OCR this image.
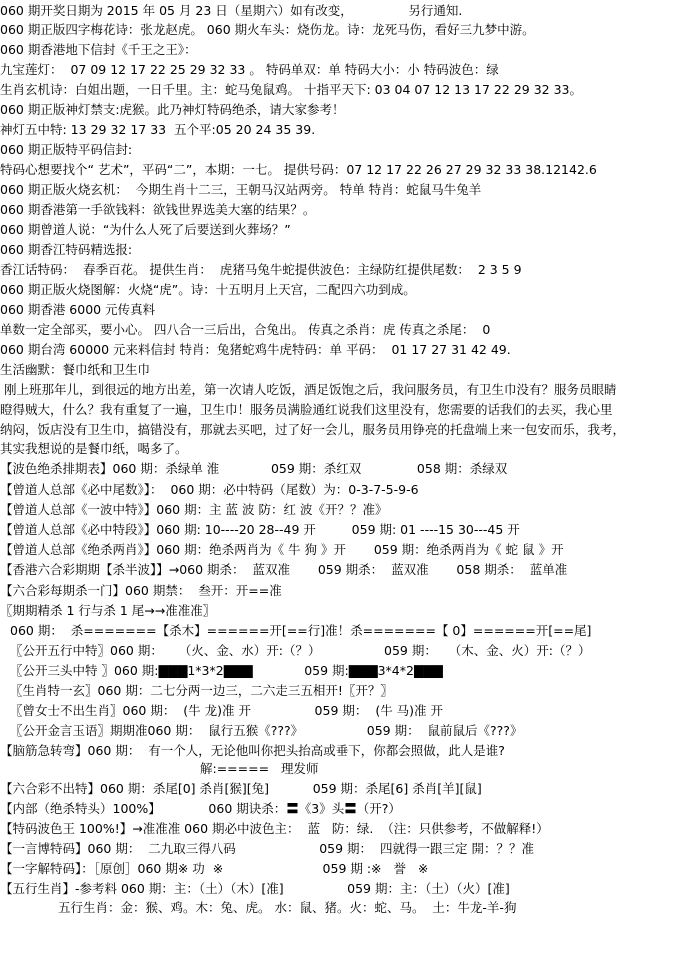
060 期开奖日期为 2015 年 05 月 23 日（星期六）如有改变，              另行通知.
060 期正版四字梅花诗：张龙赵虎。 060 期火车头：烧伤龙。诗：龙死马伤，看好三九梦中游。
060 期香港地下信封《千王之王》：
九宝莲灯：  07 09 12 17 22 25 29 32 33 。 特码单双：单 特码大小：小 特码波色：绿
生肖玄机诗：白姐出题，一日千里。主：蛇马兔鼠鸡。 十指平天下: 03 04 07 12 13 17 22 29 32 33。
060 期正版神灯禁支:虎猴。此乃神灯特码绝杀，请大家参考！
神灯五中特: 13 29 32 17 33  五个平:05 20 24 35 39.
060 期正版特平码信封:
特码心想要找个“ 艺术”，平码“二”，本期：一七。 提供号码：07 12 17 22 26 27 29 32 33 38.12142.6
060 期正版火烧玄机：  今期生肖十二三，王朝马汉站两旁。 特单 特肖：蛇鼠马牛兔羊
060 期香港第一手欲钱料：欲钱世界选美大塞的结果？。
060 期曾道人说：“为什么人死了后要送到火葬场？”
060 期香江特码精选报:
香江话特码：  春季百花。 提供生肖：  虎猪马兔牛蛇提供波色：主绿防红提供尾数：  2 3 5 9
060 期正版火烧图解：火烧“虎”。诗：十五明月上天宫，二配四六功到成。
060 期香港 6000 元传真料
单数一定全部买，要小心。 四八合一三后出，合兔出。 传真之杀肖：虎 传真之杀尾：  0
060 期台湾 60000 元来料信封 特肖：兔猪蛇鸡牛虎特码：单 平码：  01 17 27 31 42 49.
生活幽默：餐巾纸和卫生巾
刚上班那年儿，到很远的地方出差，第一次请人吃饭，酒足饭饱之后，我问服务员，有卫生巾没有？服务员眼睛
瞪得贼大，什么？我有重复了一遍，卫生巾！服务员满脸通红说我们这里没有，您需要的话我们的去买，我心里
纳闷，饭店没有卫生巾，搞错没有，那就去买吧，过了好一会儿，服务员用铮亮的托盘端上来一包安而乐，我考，
其实我想说的是餐巾纸，喝多了。
【波色绝杀排期表】060 期：杀绿单 淮             059 期：杀红双              058 期：杀绿双
【曾道人总部《必中尾数》】：  060 期：必中特码（尾数）为：0-3-7-5-9-6
【曾道人总部《一波中特》】060 期：主 蓝 波 防：红 波《开？？准》
【曾道人总部《必中特段》】060 期: 10----20 28--49 开         059 期: 01 ----15 30---45 开
【曾道人总部《绝杀两肖》】060 期：绝杀两肖为《 牛 狗 》开       059 期：绝杀两肖为《 蛇 鼠 》开
【香港六合彩期期【杀半波】】→060 期杀：  蓝双准       059 期杀：  蓝双准       058 期杀：  蓝单准
【六合彩每期杀一门】060 期禁：  叁开：开==准
〖期期精杀 1 行与杀 1 尾→→准准准〗
060 期：  杀=======【杀木】======开[==行]准！杀=======【 0】======开[==尾]
〖公开五行中特〗060 期：    （火、金、水）开:（？）                059 期：   （木、金、火）开:（？）
〖公开三头中特 〗060 期:▇▇▇1*3*2▇▇▇             059 期:▇▇▇3*4*2▇▇▇
〖生肖特一玄〗060 期：二七分两一边三，二六走三五相开!〖开？〗
〖曾女士不出生肖〗060 期：  (牛 龙)准 开                059 期：  (牛 马)准 开
〖公开金言玉语〗期期准060 期：  鼠行五猴《???》                059 期：  鼠前鼠后《???》
【脑筋急转弯】060 期：  有一个人，无论他叫你把头抬高或垂下，你都会照做，此人是谁?
解:=====   理发师
【六合彩不出特】060 期：杀尾[0] 杀肖[猴][兔]           059 期：杀尾[6] 杀肖[羊][鼠]
【内部（绝杀特头）100%】            060 期诀杀：〓《3》头〓（开?）
【特码波色王 100%!】→准准准 060 期必中波色主：  蓝   防：绿.  （注：只供参考，不做解释!）
【一言博特码】060 期：  二九取三得八码                     059 期：  四就得一跟三定 開：？？准
【一字解特码】：［原创］060 期※ 功  ※                         059 期 :※   誉   ※
【五行生肖】-参考料 060 期：主：（土）（木）[准]                059 期：主：（土）（火）[准]
五行生肖：金：猴、鸡。木：兔、虎。 水：鼠、猪。火：蛇、马。  土：牛龙-羊-狗
